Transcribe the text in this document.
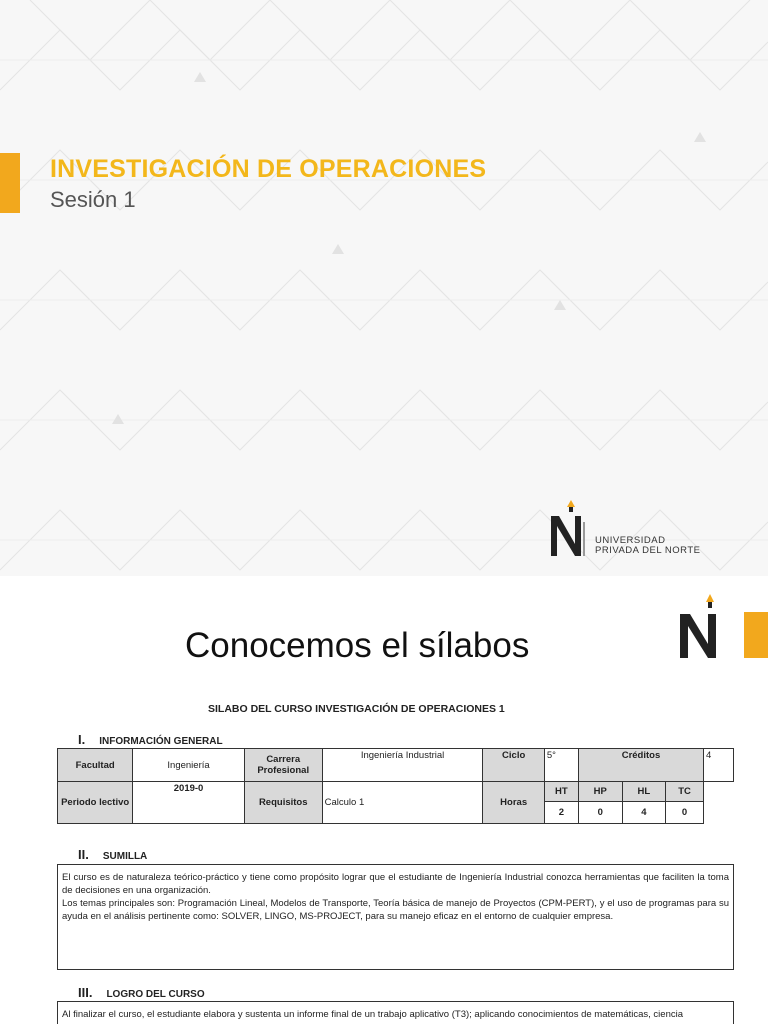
INVESTIGACIÓN DE OPERACIONES
Sesión 1
UNIVERSIDAD
PRIVADA DEL NORTE
Conocemos el sílabos
SILABO DEL CURSO INVESTIGACIÓN DE OPERACIONES 1
I. INFORMACIÓN GENERAL
Facultad	Ingeniería	Carrera Profesional	Ingeniería Industrial	Ciclo	5°	Créditos			4
Periodo lectivo	2019-0	Requisitos	Calculo 1	Horas	HT	HP	HL	TC
					2	0	4	0	
II. SUMILLA
El curso es de naturaleza teórico-práctico y tiene como propósito lograr que el estudiante de Ingeniería Industrial conozca herramientas que faciliten la toma de decisiones en una organización.
Los temas principales son: Programación Lineal, Modelos de Transporte, Teoría básica de manejo de Proyectos (CPM-PERT), y el uso de programas para su ayuda en el análisis pertinente como: SOLVER, LINGO, MS-PROJECT, para su manejo eficaz en el entorno de cualquier empresa.
III. LOGRO DEL CURSO
Al finalizar el curso, el estudiante elabora y sustenta un informe final de un trabajo aplicativo (T3); aplicando conocimientos de matemáticas, ciencia
